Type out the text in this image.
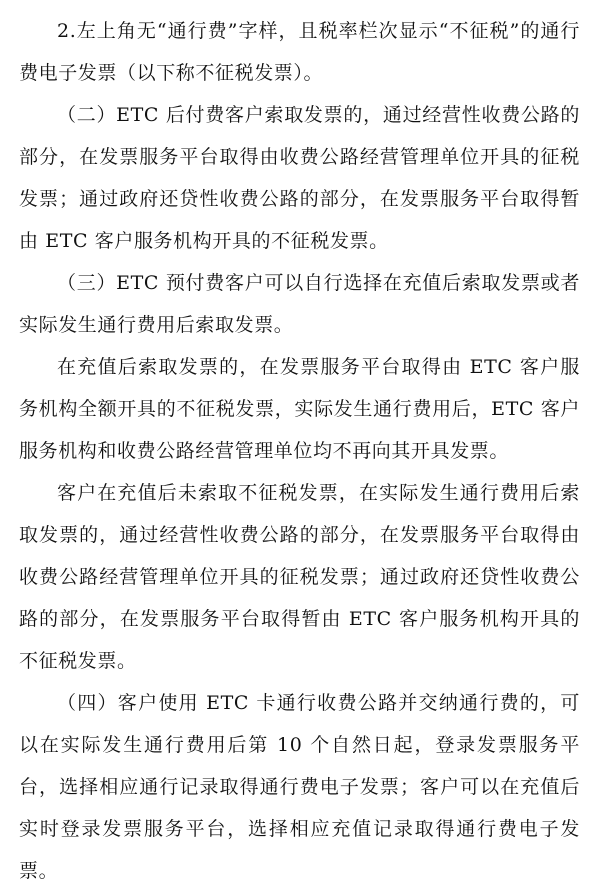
2.左上角无“通行费”字样，且税率栏次显示“不征税”的通行费电子发票（以下称不征税发票）。

（二）ETC 后付费客户索取发票的，通过经营性收费公路的部分，在发票服务平台取得由收费公路经营管理单位开具的征税发票；通过政府还贷性收费公路的部分，在发票服务平台取得暂由 ETC 客户服务机构开具的不征税发票。

（三）ETC 预付费客户可以自行选择在充值后索取发票或者实际发生通行费用后索取发票。

在充值后索取发票的，在发票服务平台取得由 ETC 客户服务机构全额开具的不征税发票，实际发生通行费用后，ETC 客户服务机构和收费公路经营管理单位均不再向其开具发票。

客户在充值后未索取不征税发票，在实际发生通行费用后索取发票的，通过经营性收费公路的部分，在发票服务平台取得由收费公路经营管理单位开具的征税发票；通过政府还贷性收费公路的部分，在发票服务平台取得暂由 ETC 客户服务机构开具的不征税发票。

（四）客户使用 ETC 卡通行收费公路并交纳通行费的，可以在实际发生通行费用后第 10 个自然日起，登录发票服务平台，选择相应通行记录取得通行费电子发票；客户可以在充值后实时登录发票服务平台，选择相应充值记录取得通行费电子发票。
